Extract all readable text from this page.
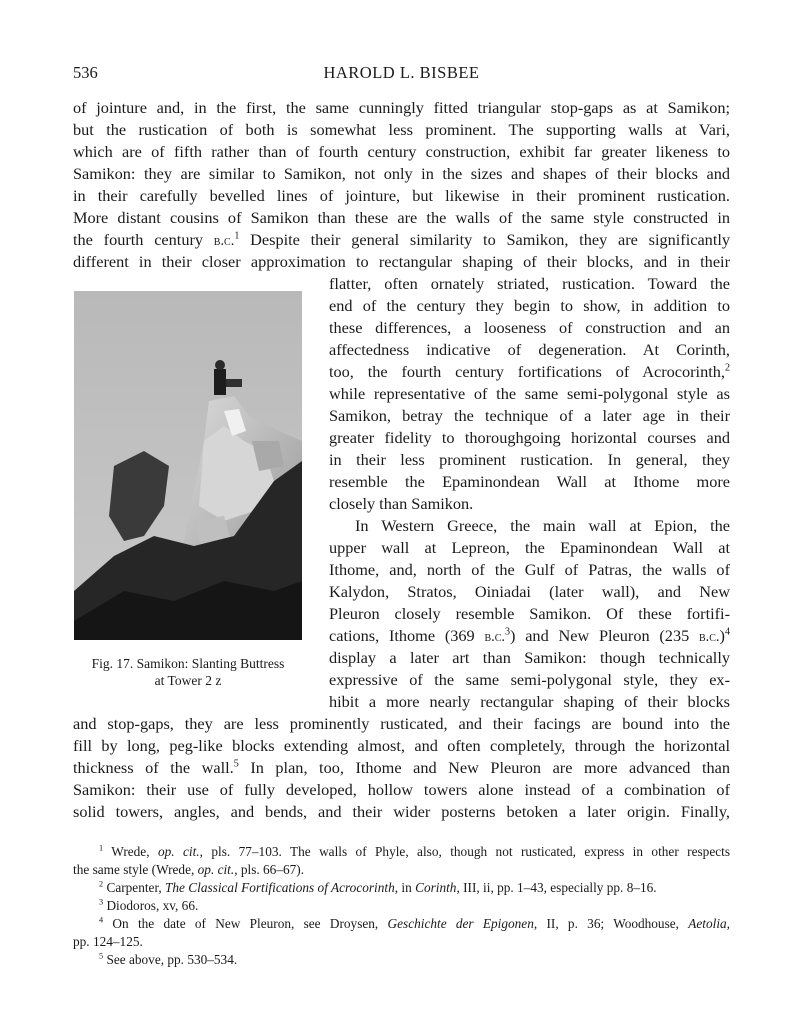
536	HAROLD L. BISBEE
of jointure and, in the first, the same cunningly fitted triangular stop-gaps as at Samikon;
but the rustication of both is somewhat less prominent. The supporting walls at Vari,
which are of fifth rather than of fourth century construction, exhibit far greater likeness to
Samikon: they are similar to Samikon, not only in the sizes and shapes of their blocks and
in their carefully bevelled lines of jointure, but likewise in their prominent rustication.
More distant cousins of Samikon than these are the walls of the same style constructed in
the fourth century b.c.$^1$ Despite their general similarity to Samikon, they are significantly
different in their closer approximation to rectangular shaping of their blocks, and in their
Fig. 17. Samikon: Slanting Buttress
at Tower 2 z
flatter, often ornately striated, rustication. Toward the
end of the century they begin to show, in addition to
these differences, a looseness of construction and an
affectedness indicative of degeneration. At Corinth,
too, the fourth century fortifications of Acrocorinth,$^2$
while representative of the same semi-polygonal style as
Samikon, betray the technique of a later age in their
greater fidelity to thoroughgoing horizontal courses and
in their less prominent rustication. In general, they
resemble the Epaminondean Wall at Ithome more
closely than Samikon.
In Western Greece, the main wall at Epion, the
upper wall at Lepreon, the Epaminondean Wall at
Ithome, and, north of the Gulf of Patras, the walls of
Kalydon, Stratos, Oiniadai (later wall), and New
Pleuron closely resemble Samikon. Of these fortifi-
cations, Ithome (369 b.c.$^3$) and New Pleuron (235 b.c.)$^4$
display a later art than Samikon: though technically
expressive of the same semi-polygonal style, they ex-
hibit a more nearly rectangular shaping of their blocks
and stop-gaps, they are less prominently rusticated, and their facings are bound into the
fill by long, peg-like blocks extending almost, and often completely, through the horizontal
thickness of the wall.$^5$ In plan, too, Ithome and New Pleuron are more advanced than
Samikon: their use of fully developed, hollow towers alone instead of a combination of
solid towers, angles, and bends, and their wider posterns betoken a later origin. Finally,
$^1$ Wrede, op. cit., pls. 77–103. The walls of Phyle, also, though not rusticated, express in other respects
the same style (Wrede, op. cit., pls. 66–67).
$^2$ Carpenter, The Classical Fortifications of Acrocorinth, in Corinth, III, ii, pp. 1–43, especially pp. 8–16.
$^3$ Diodoros, xv, 66.
$^4$ On the date of New Pleuron, see Droysen, Geschichte der Epigonen, II, p. 36; Woodhouse, Aetolia,
pp. 124–125.
$^5$ See above, pp. 530–534.
